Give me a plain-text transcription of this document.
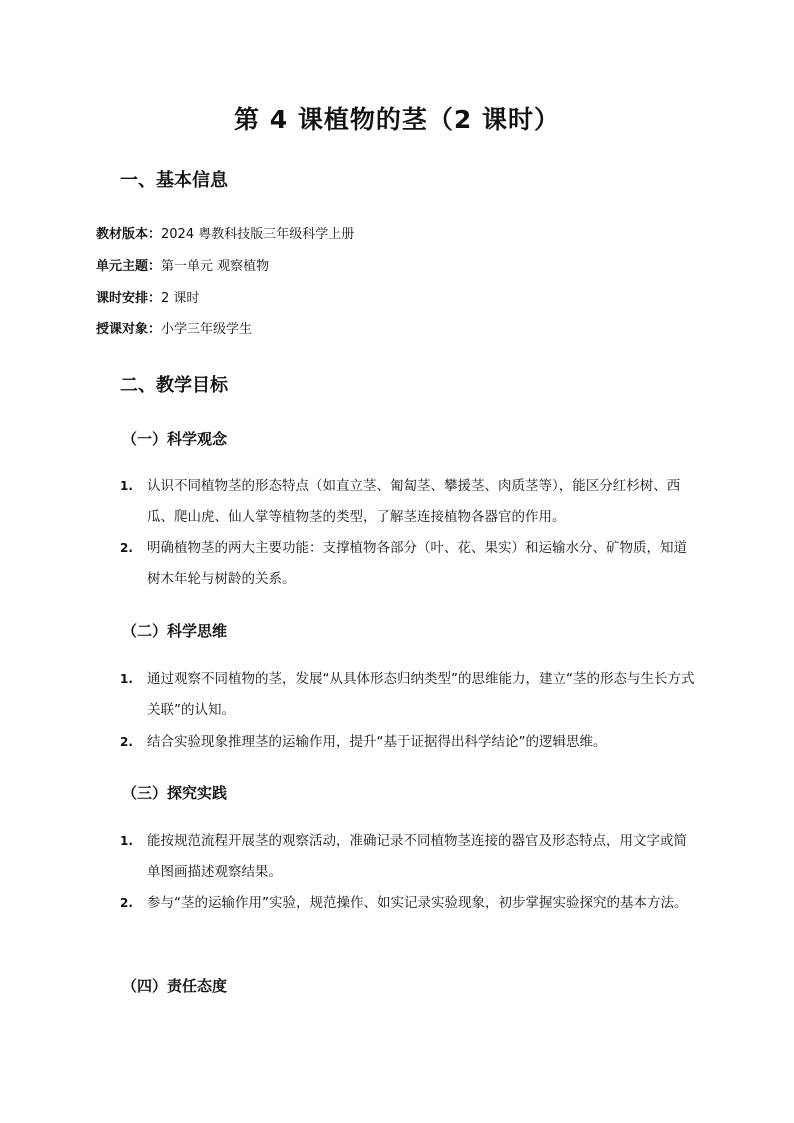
第 4 课植物的茎（2 课时）
一、基本信息
教材版本：2024 粤教科技版三年级科学上册
单元主题：第一单元 观察植物
课时安排：2 课时
授课对象：小学三年级学生
二、教学目标
（一）科学观念
1. 认识不同植物茎的形态特点（如直立茎、匍匐茎、攀援茎、肉质茎等），能区分红杉树、西瓜、爬山虎、仙人掌等植物茎的类型，了解茎连接植物各器官的作用。
2. 明确植物茎的两大主要功能：支撑植物各部分（叶、花、果实）和运输水分、矿物质，知道树木年轮与树龄的关系。
（二）科学思维
1. 通过观察不同植物的茎，发展“从具体形态归纳类型”的思维能力，建立“茎的形态与生长方式关联”的认知。
2. 结合实验现象推理茎的运输作用，提升“基于证据得出科学结论”的逻辑思维。
（三）探究实践
1. 能按规范流程开展茎的观察活动，准确记录不同植物茎连接的器官及形态特点，用文字或简单图画描述观察结果。
2. 参与“茎的运输作用”实验，规范操作、如实记录实验现象，初步掌握实验探究的基本方法。
（四）责任态度
